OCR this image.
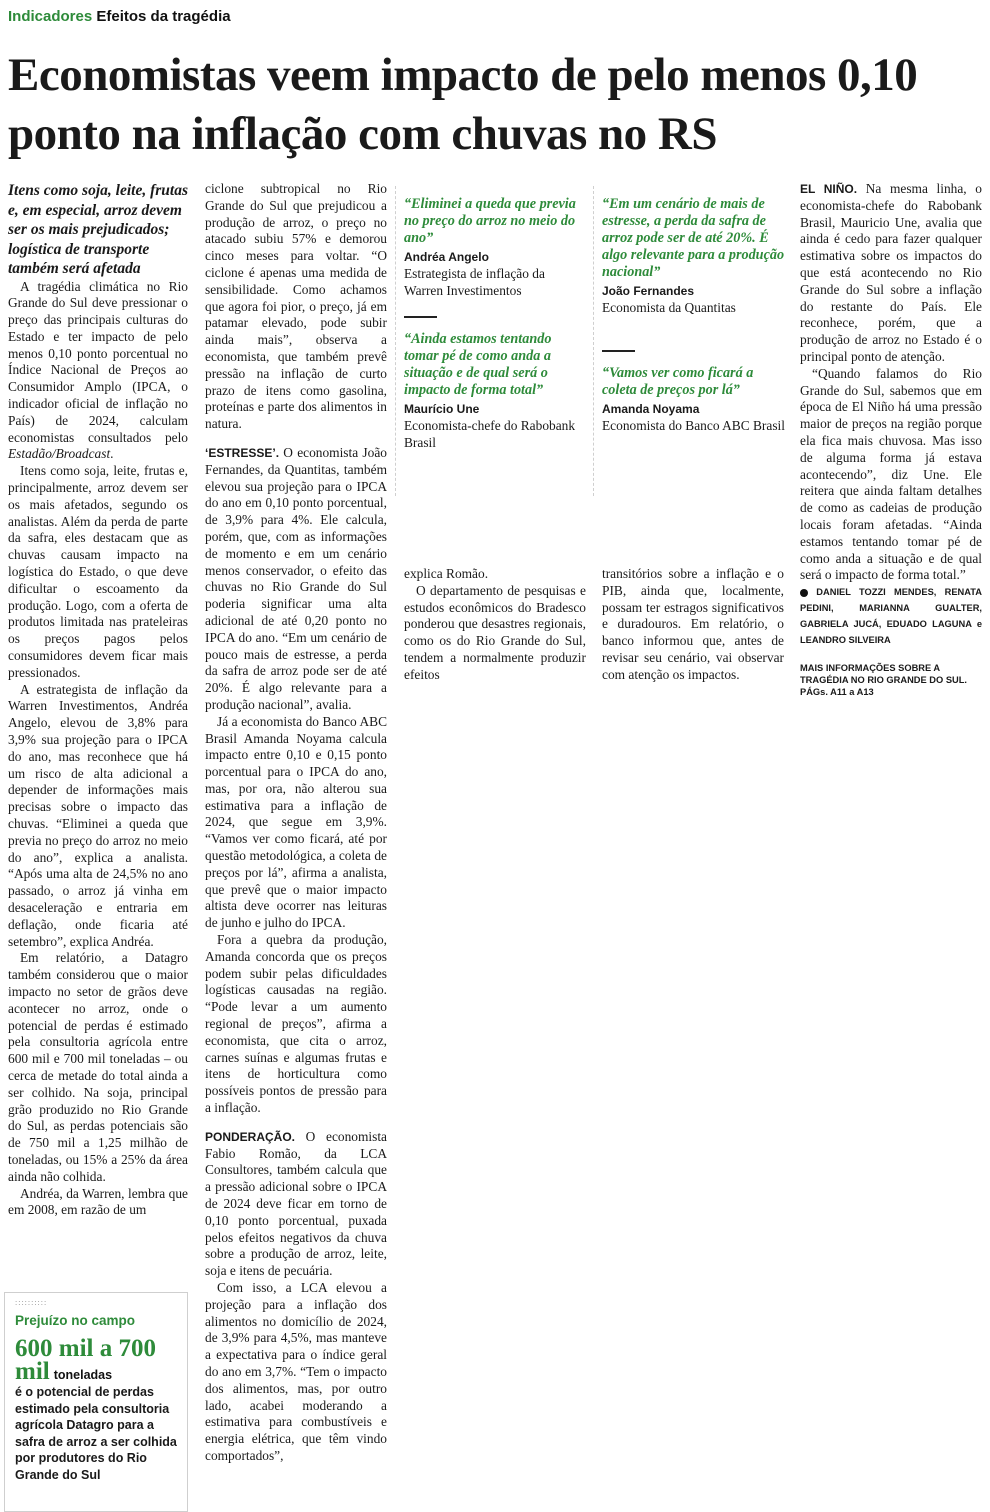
Indicadores Efeitos da tragédia
Economistas veem impacto de pelo menos 0,10 ponto na inflação com chuvas no RS

Itens como soja, leite, frutas e, em especial, arroz devem ser os mais prejudicados; logística de transporte também será afetada

A tragédia climática no Rio Grande do Sul deve pressionar o preço das principais culturas do Estado e ter impacto de pelo menos 0,10 ponto porcentual no Índice Nacional de Preços ao Consumidor Amplo (IPCA, o indicador oficial de inflação no País) de 2024, calculam economistas consultados pelo Estadão/Broadcast.

Itens como soja, leite, frutas e, principalmente, arroz devem ser os mais afetados, segundo os analistas. Além da perda de parte da safra, eles destacam que as chuvas causam impacto na logística do Estado, o que deve dificultar o escoamento da produção. Logo, com a oferta de produtos limitada nas prateleiras os preços pagos pelos consumidores devem ficar mais pressionados.

A estrategista de inflação da Warren Investimentos, Andréa Angelo, elevou de 3,8% para 3,9% sua projeção para o IPCA do ano, mas reconhece que há um risco de alta adicional a depender de informações mais precisas sobre o impacto das chuvas. “Eliminei a queda que previa no preço do arroz no meio do ano”, explica a analista. “Após uma alta de 24,5% no ano passado, o arroz já vinha em desaceleração e entraria em deflação, onde ficaria até setembro”, explica Andréa.

Em relatório, a Datagro também considerou que o maior impacto no setor de grãos deve acontecer no arroz, onde o potencial de perdas é estimado pela consultoria agrícola entre 600 mil e 700 mil toneladas – ou cerca de metade do total ainda a ser colhido. Na soja, principal grão produzido no Rio Grande do Sul, as perdas potenciais são de 750 mil a 1,25 milhão de toneladas, ou 15% a 25% da área ainda não colhida.

Andréa, da Warren, lembra que em 2008, em razão de um

::::::::::
Prejuízo no campo
600 mil a 700 mil toneladas
é o potencial de perdas estimado pela consultoria agrícola Datagro para a safra de arroz a ser colhida por produtores do Rio Grande do Sul

ciclone subtropical no Rio Grande do Sul que prejudicou a produção de arroz, o preço no atacado subiu 57% e demorou cinco meses para voltar. “O ciclone é apenas uma medida de sensibilidade. Como achamos que agora foi pior, o preço, já em patamar elevado, pode subir ainda mais”, observa a economista, que também prevê pressão na inflação de curto prazo de itens como gasolina, proteínas e parte dos alimentos in natura.

‘ESTRESSE’. O economista João Fernandes, da Quantitas, também elevou sua projeção para o IPCA do ano em 0,10 ponto porcentual, de 3,9% para 4%. Ele calcula, porém, que, com as informações de momento e em um cenário menos conservador, o efeito das chuvas no Rio Grande do Sul poderia significar uma alta adicional de até 0,20 ponto no IPCA do ano. “Em um cenário de pouco mais de estresse, a perda da safra de arroz pode ser de até 20%. É algo relevante para a produção nacional”, avalia.

Já a economista do Banco ABC Brasil Amanda Noyama calcula impacto entre 0,10 e 0,15 ponto porcentual para o IPCA do ano, mas, por ora, não alterou sua estimativa para a inflação de 2024, que segue em 3,9%. “Vamos ver como ficará, até por questão metodológica, a coleta de preços por lá”, afirma a analista, que prevê que o maior impacto altista deve ocorrer nas leituras de junho e julho do IPCA.

Fora a quebra da produção, Amanda concorda que os preços podem subir pelas dificuldades logísticas causadas na região. “Pode levar a um aumento regional de preços”, afirma a economista, que cita o arroz, carnes suínas e algumas frutas e itens de horticultura como possíveis pontos de pressão para a inflação.

PONDERAÇÃO. O economista Fabio Romão, da LCA Consultores, também calcula que a pressão adicional sobre o IPCA de 2024 deve ficar em torno de 0,10 ponto porcentual, puxada pelos efeitos negativos da chuva sobre a produção de arroz, leite, soja e itens de pecuária.

Com isso, a LCA elevou a projeção para a inflação dos alimentos no domicílio de 2024, de 3,9% para 4,5%, mas manteve a expectativa para o índice geral do ano em 3,7%. “Tem o impacto dos alimentos, mas, por outro lado, acabei moderando a estimativa para combustíveis e energia elétrica, que têm vindo comportados”,

“Eliminei a queda que previa no preço do arroz no meio do ano”

Andréa Angelo

Estrategista de inflação da Warren Investimentos

“Ainda estamos tentando tomar pé de como anda a situação e de qual será o impacto de forma total”

Maurício Une

Economista-chefe do Rabobank Brasil

“Em um cenário de mais de estresse, a perda da safra de arroz pode ser de até 20%. É algo relevante para a produção nacional”

João Fernandes

Economista da Quantitas

“Vamos ver como ficará a coleta de preços por lá”

Amanda Noyama

Economista do Banco ABC Brasil

explica Romão.

O departamento de pesquisas e estudos econômicos do Bradesco ponderou que desastres regionais, como os do Rio Grande do Sul, tendem a normalmente produzir efeitos

transitórios sobre a inflação e o PIB, ainda que, localmente, possam ter estragos significativos e duradouros. Em relatório, o banco informou que, antes de revisar seu cenário, vai observar com atenção os impactos.

EL NIÑO. Na mesma linha, o economista-chefe do Rabobank Brasil, Mauricio Une, avalia que ainda é cedo para fazer qualquer estimativa sobre os impactos do que está acontecendo no Rio Grande do Sul sobre a inflação do restante do País. Ele reconhece, porém, que a produção de arroz no Estado é o principal ponto de atenção.

“Quando falamos do Rio Grande do Sul, sabemos que em época de El Niño há uma pressão maior de preços na região porque ela fica mais chuvosa. Mas isso de alguma forma já estava acontecendo”, diz Une. Ele reitera que ainda faltam detalhes de como as cadeias de produção locais foram afetadas. “Ainda estamos tentando tomar pé de como anda a situação e de qual será o impacto de forma total.”

DANIEL TOZZI MENDES, RENATA PEDINI, MARIANNA GUALTER, GABRIELA JUCÁ, EDUADO LAGUNA e LEANDRO SILVEIRA

MAIS INFORMAÇÕES SOBRE A TRAGÉDIA NO RIO GRANDE DO SUL. PÁGs. A11 a A13
